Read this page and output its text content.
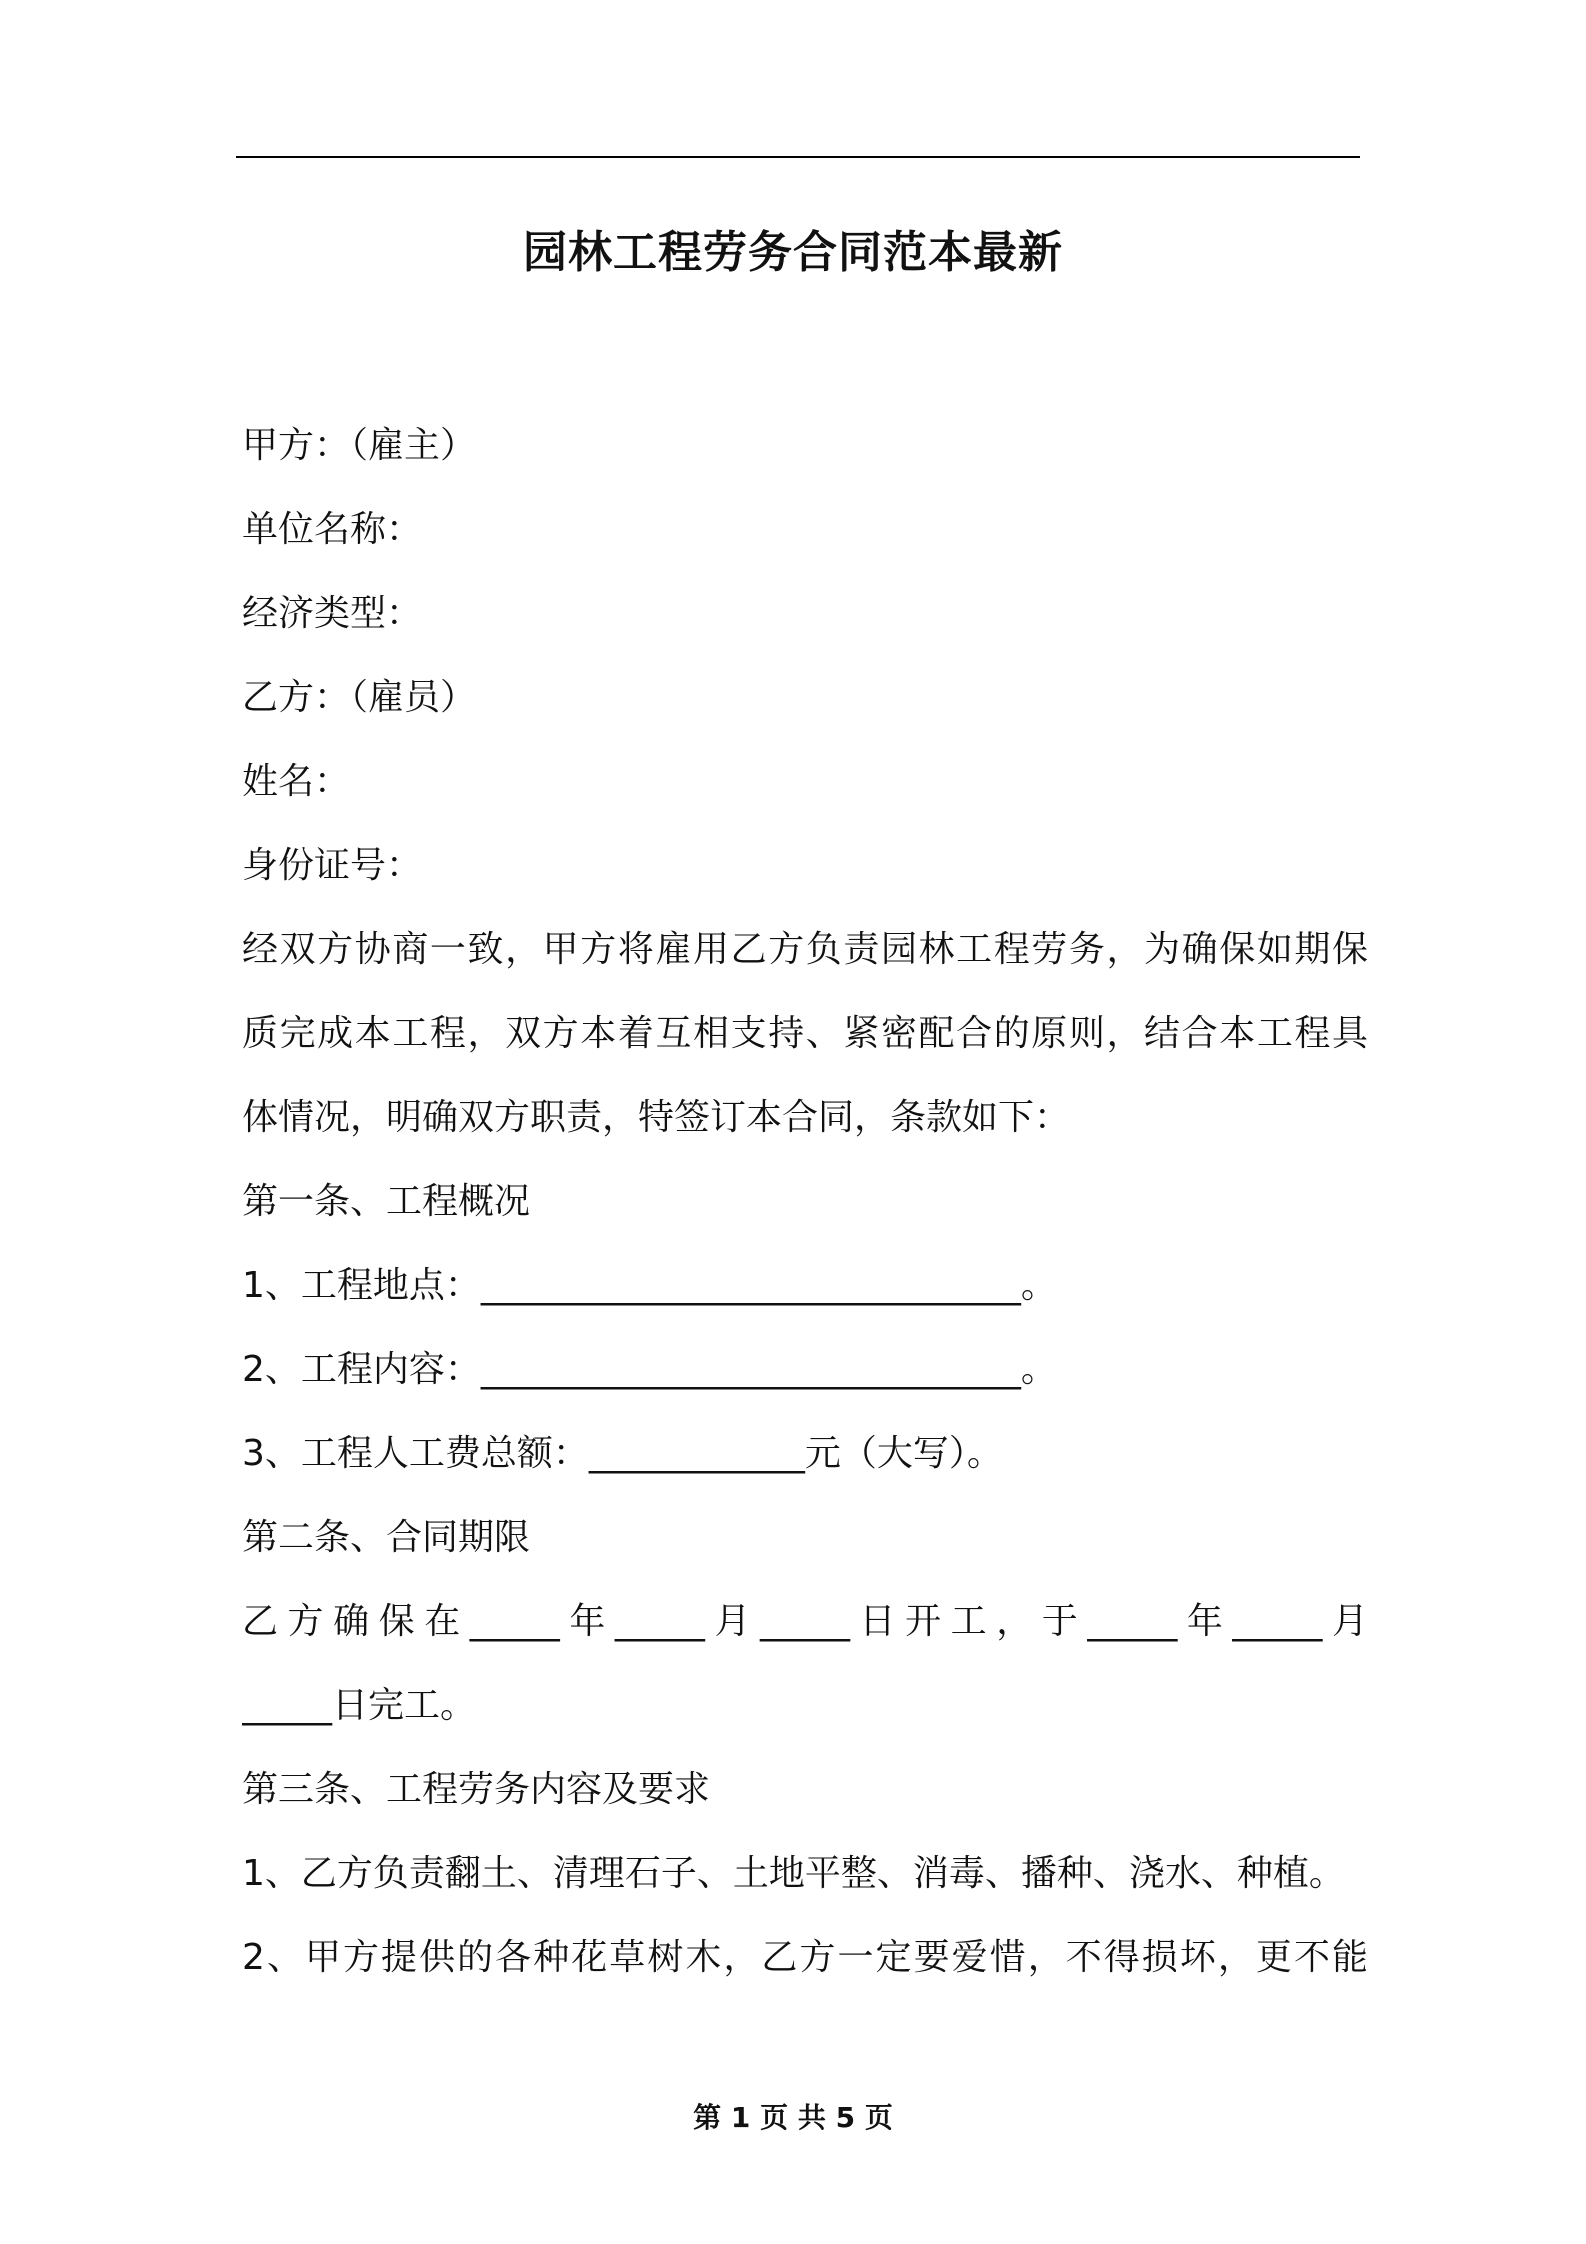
园林工程劳务合同范本最新
甲方：（雇主）
单位名称：
经济类型：
乙方：（雇员）
姓名：
身份证号：
经双方协商一致，甲方将雇用乙方负责园林工程劳务，为确保如期保
质完成本工程，双方本着互相支持、紧密配合的原则，结合本工程具
体情况，明确双方职责，特签订本合同，条款如下：
第一条、工程概况
1、工程地点：______________________________。
2、工程内容：______________________________。
3、工程人工费总额：____________元（大写）。
第二条、合同期限
乙方确保在_____年_____月_____日开工，于_____年_____月
_____日完工。
第三条、工程劳务内容及要求
1、乙方负责翻土、清理石子、土地平整、消毒、播种、浇水、种植。
2、甲方提供的各种花草树木，乙方一定要爱惜，不得损坏，更不能
第 1 页 共 5 页
